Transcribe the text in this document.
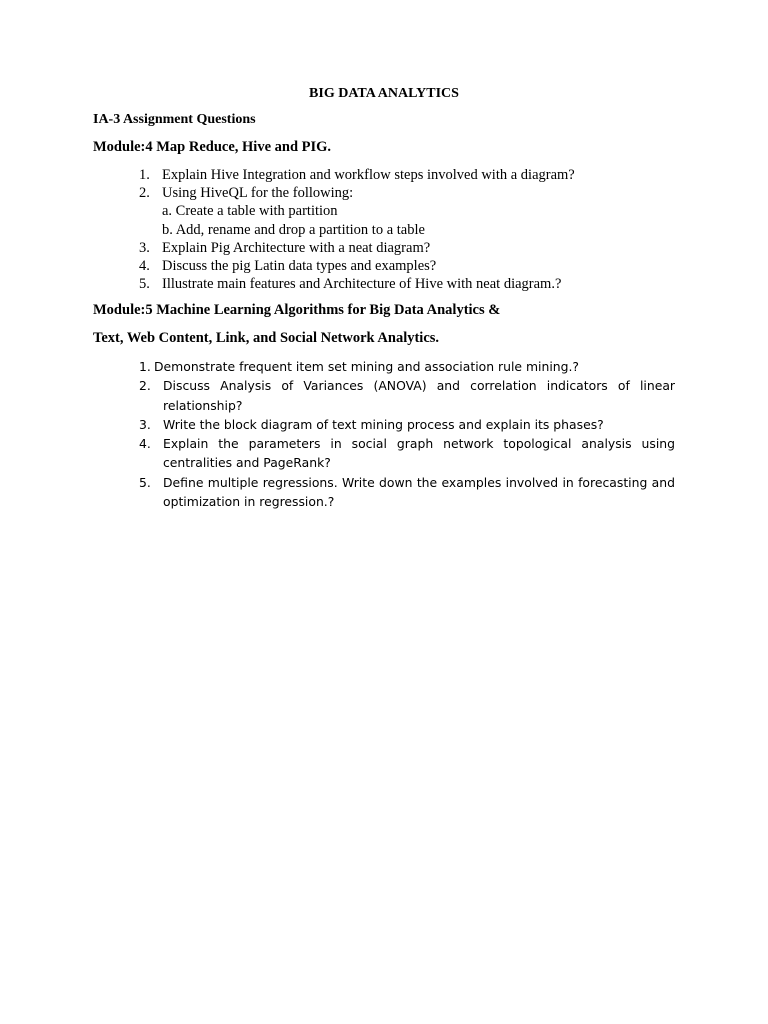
BIG DATA ANALYTICS
IA-3 Assignment Questions
Module:4 Map Reduce, Hive and PIG.
1. Explain Hive Integration and workflow steps involved with a diagram?
2. Using HiveQL for the following:
a. Create a table with partition
b. Add, rename and drop a partition to a table
3. Explain Pig Architecture with a neat diagram?
4. Discuss the pig Latin data types and examples?
5. Illustrate main features and Architecture of Hive with neat diagram.?
Module:5 Machine Learning Algorithms for Big Data Analytics &
Text, Web Content, Link, and Social Network Analytics.
1. Demonstrate frequent item set mining and association rule mining.?
2. Discuss Analysis of Variances (ANOVA) and correlation indicators of linear relationship?
3. Write the block diagram of text mining process and explain its phases?
4. Explain the parameters in social graph network topological analysis using centralities and PageRank?
5. Define multiple regressions. Write down the examples involved in forecasting and optimization in regression.?
